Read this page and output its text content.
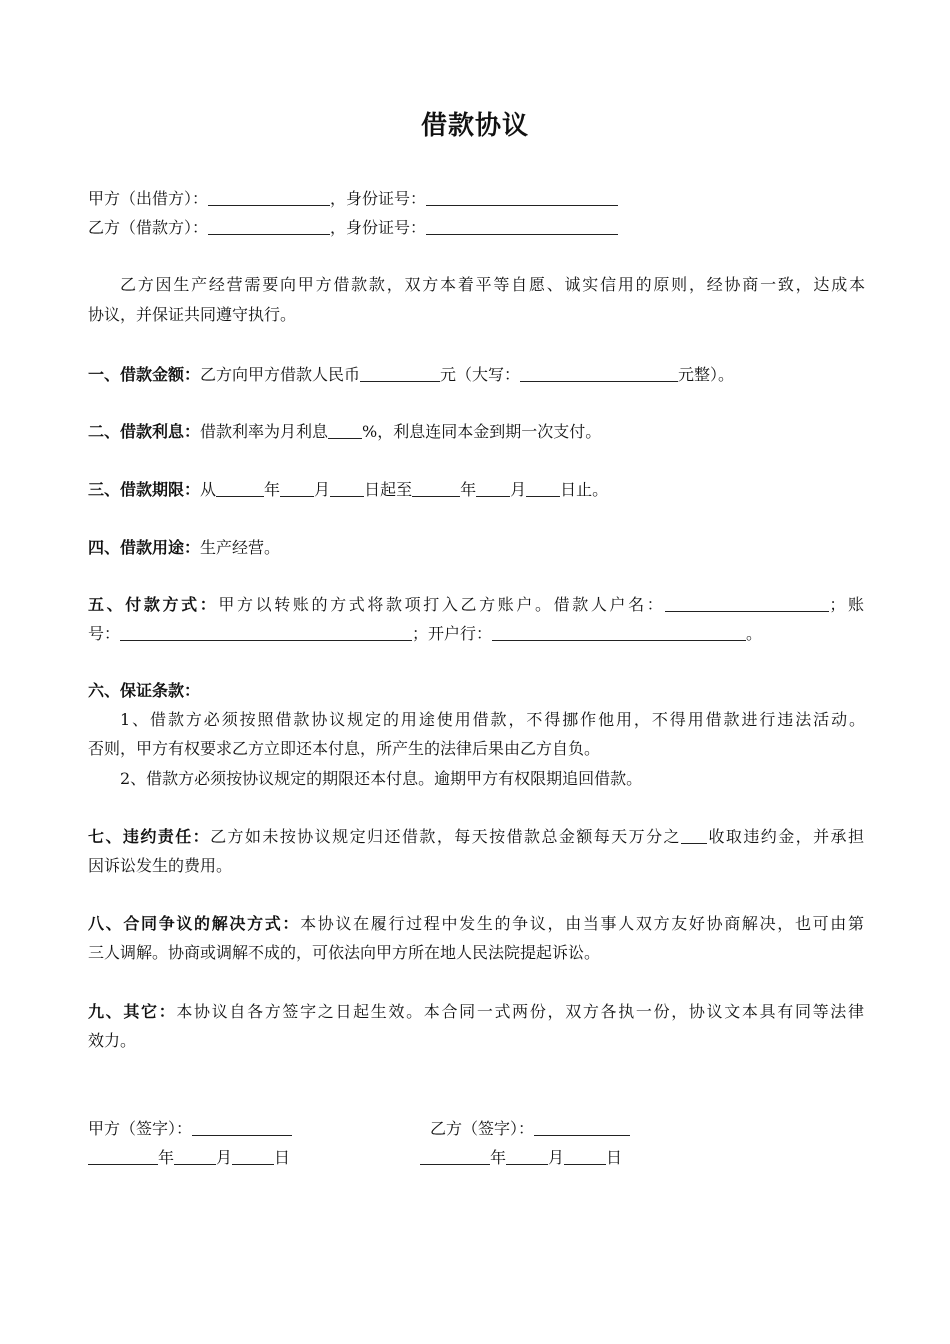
借款协议
甲方（出借方）：	，身份证号：
乙方（借款方）：	，身份证号：
乙方因生产经营需要向甲方借款款，双方本着平等自愿、诚实信用的原则，经协商一致，达成本
协议，并保证共同遵守执行。
一、借款金额：乙方向甲方借款人民币	元（大写：	元整）。
二、借款利息：借款利率为月利息 %，利息连同本金到期一次支付。
三、借款期限：从	年 月 日起至	年 月 日止。
四、借款用途：生产经营。
五、付款方式：甲方以转账的方式将款项打入乙方账户。借款人户名：	；账
号：	；开户行：	。
六、保证条款：
1、借款方必须按照借款协议规定的用途使用借款，不得挪作他用，不得用借款进行违法活动。
否则，甲方有权要求乙方立即还本付息，所产生的法律后果由乙方自负。
2、借款方必须按协议规定的期限还本付息。逾期甲方有权限期追回借款。
七、违约责任：乙方如未按协议规定归还借款，每天按借款总金额每天万分之 收取违约金，并承担
因诉讼发生的费用。
八、合同争议的解决方式：本协议在履行过程中发生的争议，由当事人双方友好协商解决，也可由第
三人调解。协商或调解不成的，可依法向甲方所在地人民法院提起诉讼。
九、其它：本协议自各方签字之日起生效。本合同一式两份，双方各执一份，协议文本具有同等法律
效力。
甲方（签字）：	乙方（签字）：
年	月	日	年	月	日
